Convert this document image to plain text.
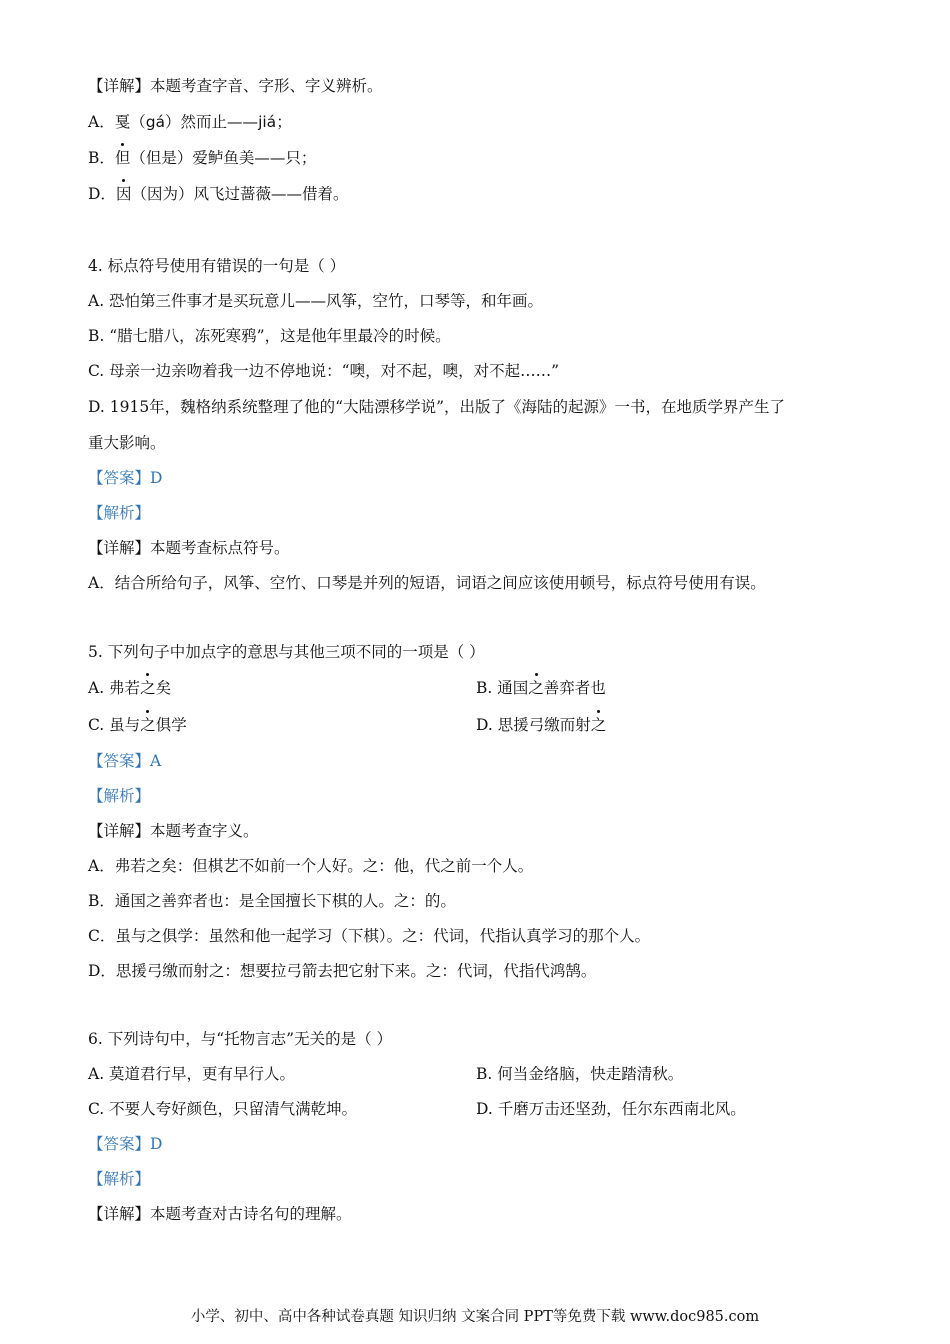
【详解】本题考查字音、字形、字义辨析。
A．戛（gá）然而止——jiá；
B．但（但是）爱鲈鱼美——只；
D．因（因为）风飞过蔷薇——借着。
4. 标点符号使用有错误的一句是（ ）
A. 恐怕第三件事才是买玩意儿——风筝，空竹，口琴等，和年画。
B. “腊七腊八，冻死寒鸦”，这是他年里最冷的时候。
C. 母亲一边亲吻着我一边不停地说：“噢，对不起，噢，对不起……”
D. 1915年，魏格纳系统整理了他的“大陆漂移学说”，出版了《海陆的起源》一书，在地质学界产生了
重大影响。
【答案】D
【解析】
【详解】本题考查标点符号。
A．结合所给句子，风筝、空竹、口琴是并列的短语，词语之间应该使用顿号，标点符号使用有误。
5. 下列句子中加点字的意思与其他三项不同的一项是（ ）
A. 弗若之矣	B. 通国之善弈者也
C. 虽与之俱学	D. 思援弓缴而射之
【答案】A
【解析】
【详解】本题考查字义。
A．弗若之矣：但棋艺不如前一个人好。之：他，代之前一个人。
B．通国之善弈者也：是全国擅长下棋的人。之：的。
C．虽与之俱学：虽然和他一起学习（下棋）。之：代词，代指认真学习的那个人。
D．思援弓缴而射之：想要拉弓箭去把它射下来。之：代词，代指代鸿鹄。
6. 下列诗句中，与“托物言志”无关的是（ ）
A. 莫道君行早，更有早行人。	B. 何当金络脑，快走踏清秋。
C. 不要人夸好颜色，只留清气满乾坤。	D. 千磨万击还坚劲，任尔东西南北风。
【答案】D
【解析】
【详解】本题考查对古诗名句的理解。
小学、初中、高中各种试卷真题 知识归纳 文案合同 PPT等免费下载 www.doc985.com
